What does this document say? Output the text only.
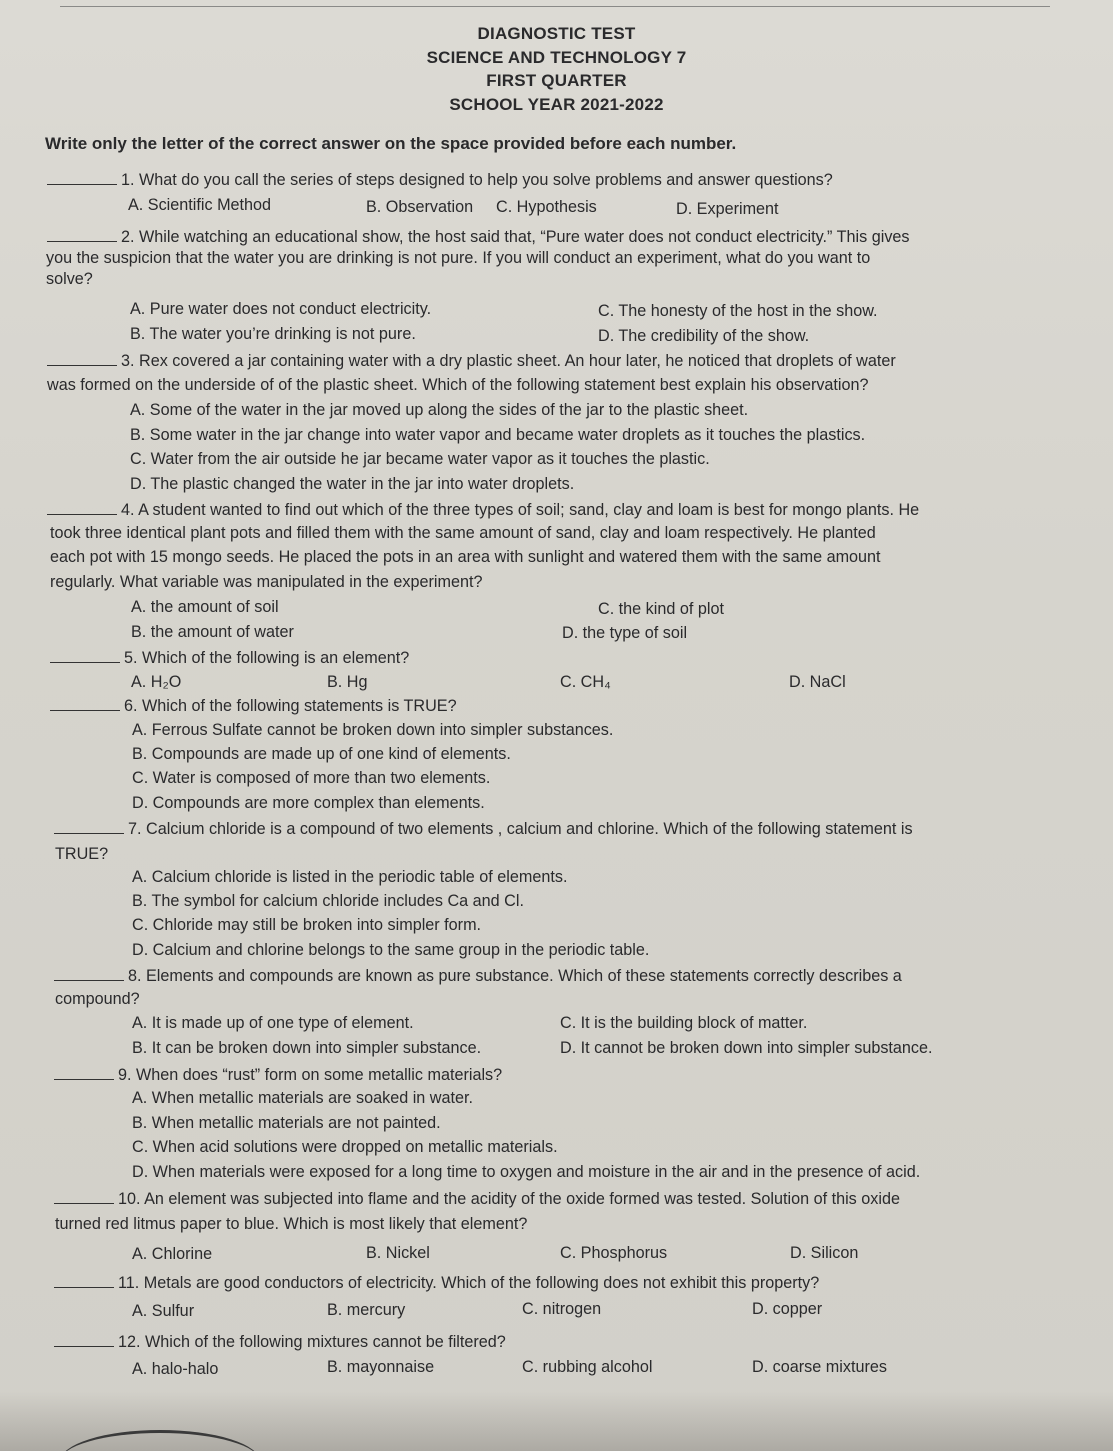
DIAGNOSTIC TEST
SCIENCE AND TECHNOLOGY 7
FIRST QUARTER
SCHOOL YEAR 2021-2022
Write only the letter of the correct answer on the space provided before each number.
1. What do you call the series of steps designed to help you solve problems and answer questions?
A. Scientific Method	B. Observation C. Hypothesis	D. Experiment
2. While watching an educational show, the host said that, “Pure water does not conduct electricity.” This gives
you the suspicion that the water you are drinking is not pure. If you will conduct an experiment, what do you want to
solve?
A. Pure water does not conduct electricity.	C. The honesty of the host in the show.
B. The water you’re drinking is not pure.	D. The credibility of the show.
3. Rex covered a jar containing water with a dry plastic sheet. An hour later, he noticed that droplets of water
was formed on the underside of of the plastic sheet. Which of the following statement best explain his observation?
A. Some of the water in the jar moved up along the sides of the jar to the plastic sheet.
B. Some water in the jar change into water vapor and became water droplets as it touches the plastics.
C. Water from the air outside he jar became water vapor as it touches the plastic.
D. The plastic changed the water in the jar into water droplets.
4. A student wanted to find out which of the three types of soil; sand, clay and loam is best for mongo plants. He
took three identical plant pots and filled them with the same amount of sand, clay and loam respectively. He planted
each pot with 15 mongo seeds. He placed the pots in an area with sunlight and watered them with the same amount
regularly. What variable was manipulated in the experiment?
A. the amount of soil	C. the kind of plot
B. the amount of water	D. the type of soil
5. Which of the following is an element?
A. H₂O	B. Hg	C. CH₄	D. NaCl
6. Which of the following statements is TRUE?
A. Ferrous Sulfate cannot be broken down into simpler substances.
B. Compounds are made up of one kind of elements.
C. Water is composed of more than two elements.
D. Compounds are more complex than elements.
7. Calcium chloride is a compound of two elements , calcium and chlorine. Which of the following statement is
TRUE?
A. Calcium chloride is listed in the periodic table of elements.
B. The symbol for calcium chloride includes Ca and Cl.
C. Chloride may still be broken into simpler form.
D. Calcium and chlorine belongs to the same group in the periodic table.
8. Elements and compounds are known as pure substance. Which of these statements correctly describes a
compound?
A. It is made up of one type of element.	C. It is the building block of matter.
B. It can be broken down into simpler substance.	D. It cannot be broken down into simpler substance.
9. When does “rust” form on some metallic materials?
A. When metallic materials are soaked in water.
B. When metallic materials are not painted.
C. When acid solutions were dropped on metallic materials.
D. When materials were exposed for a long time to oxygen and moisture in the air and in the presence of acid.
10. An element was subjected into flame and the acidity of the oxide formed was tested. Solution of this oxide
turned red litmus paper to blue. Which is most likely that element?
A. Chlorine	B. Nickel	C. Phosphorus	D. Silicon
11. Metals are good conductors of electricity. Which of the following does not exhibit this property?
A. Sulfur	B. mercury	C. nitrogen	D. copper
12. Which of the following mixtures cannot be filtered?
A. halo-halo	B. mayonnaise	C. rubbing alcohol	D. coarse mixtures
